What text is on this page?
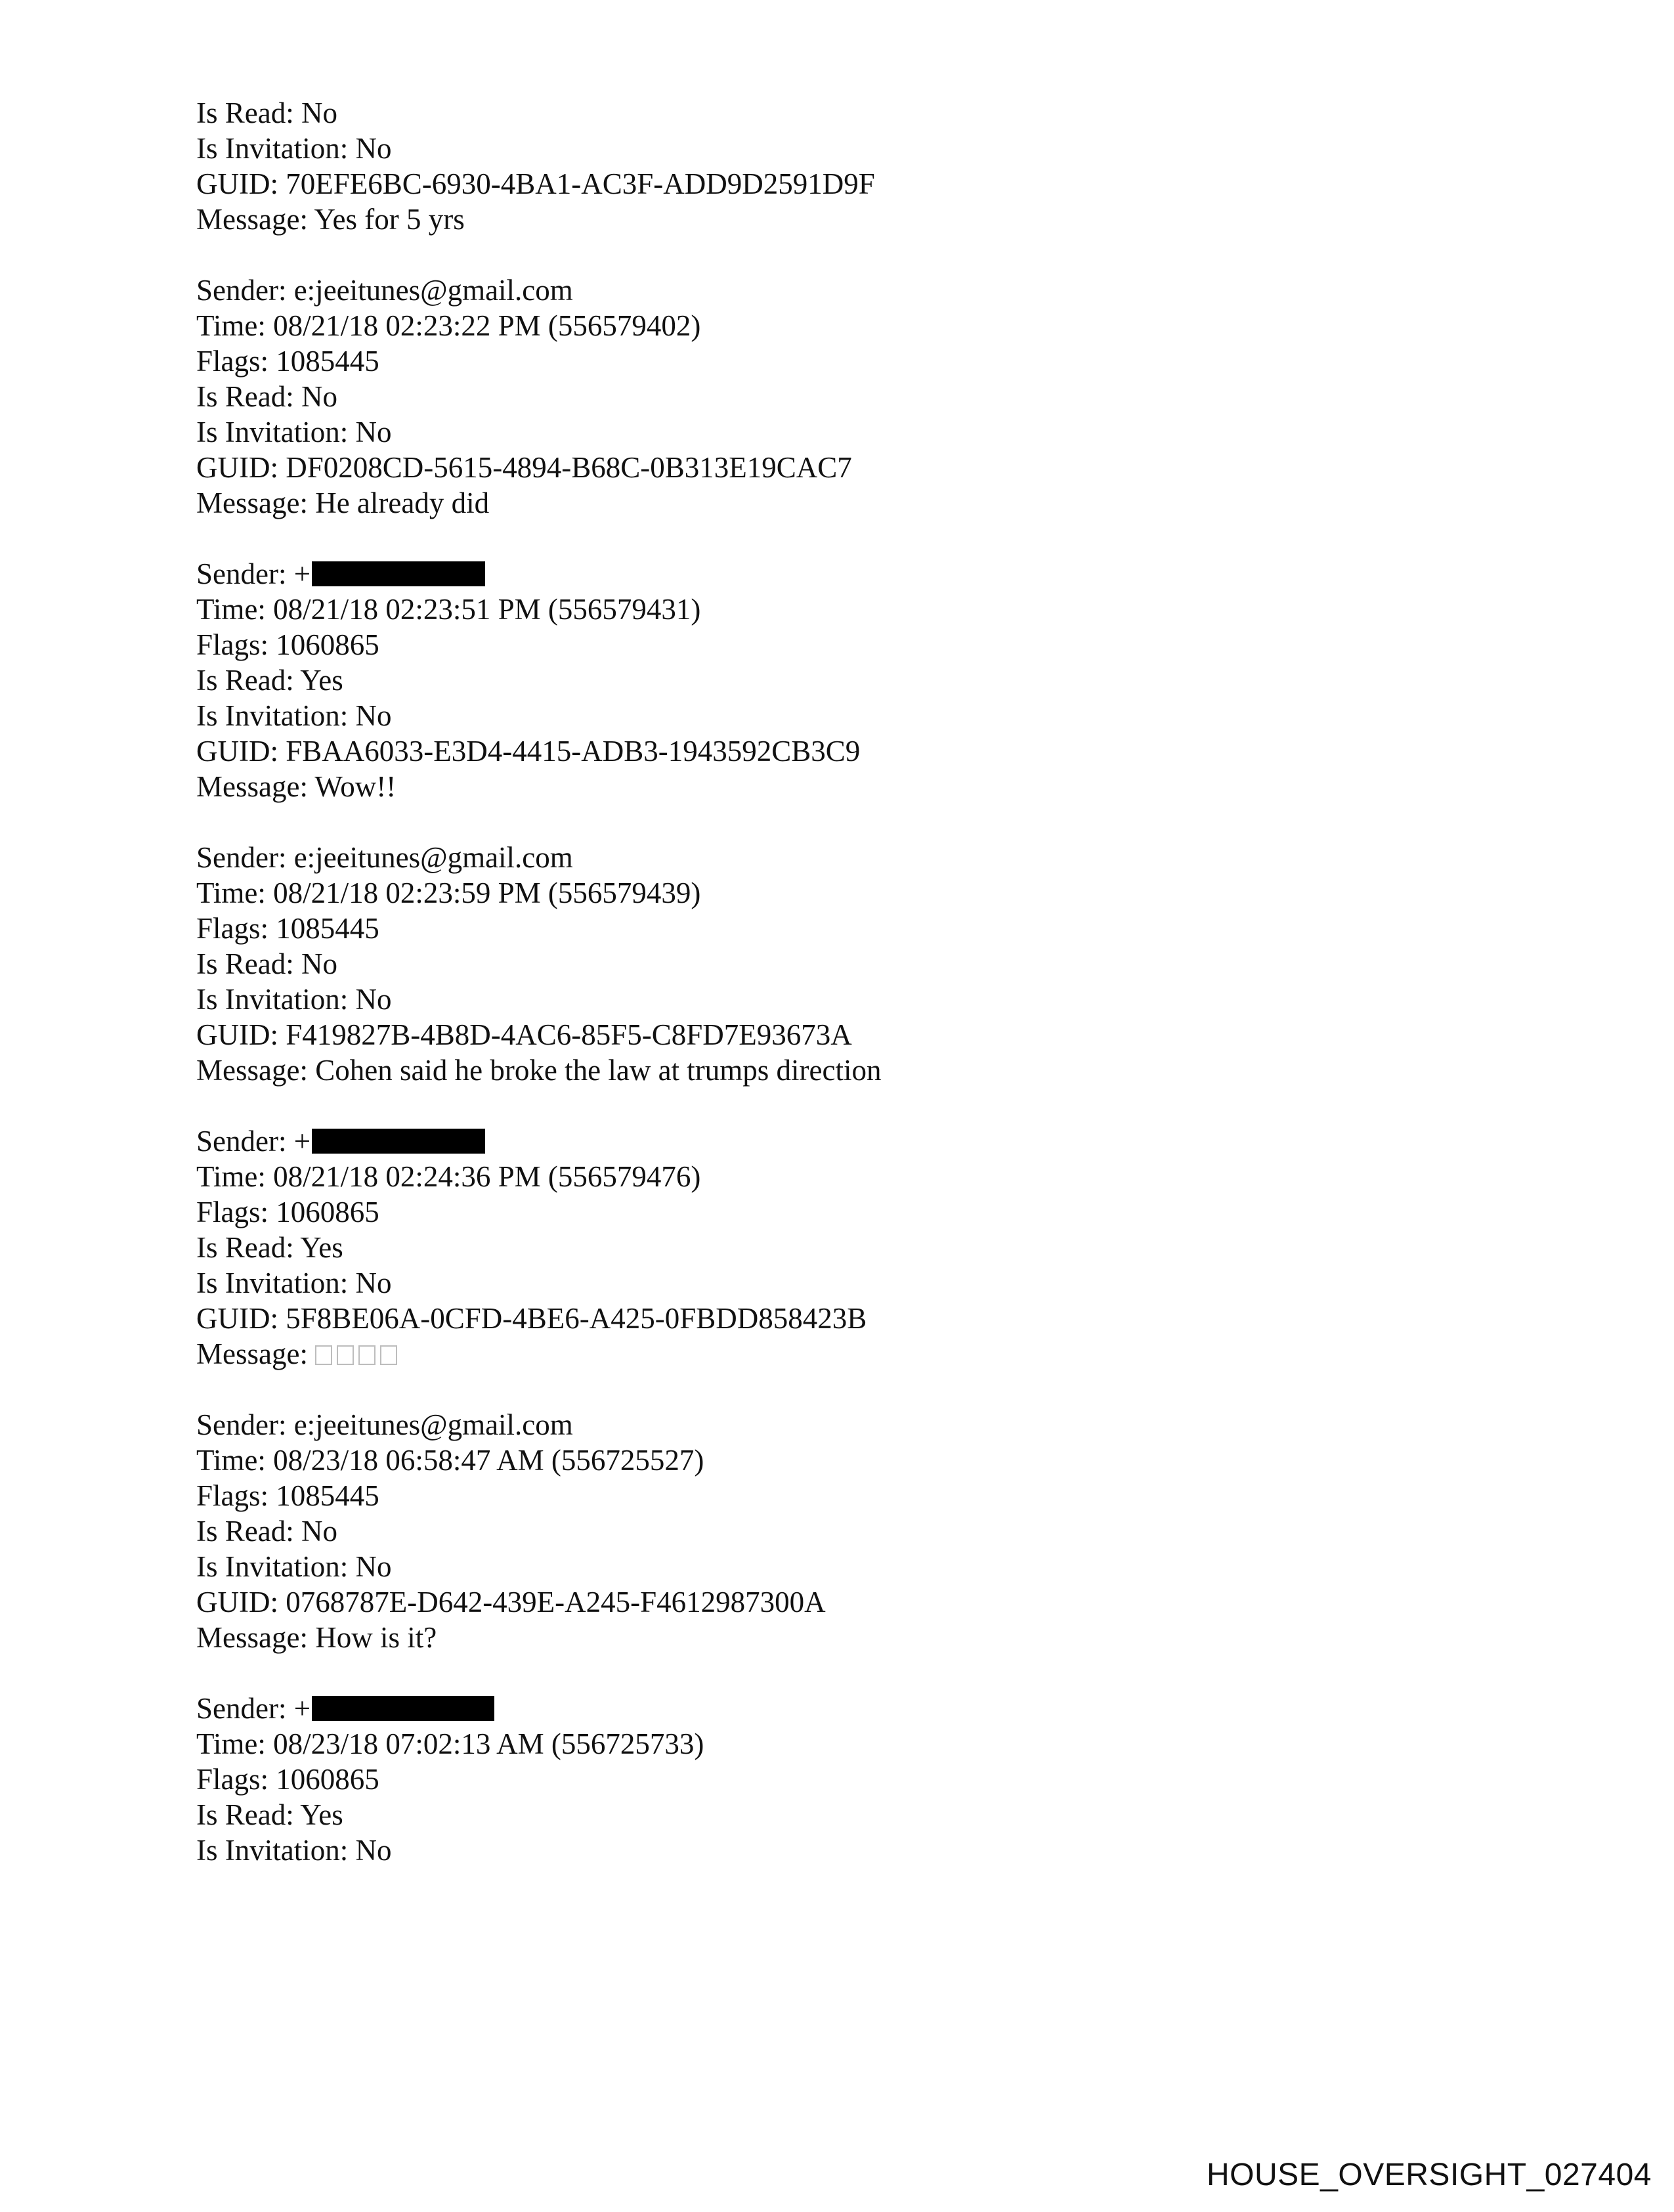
Is Read: No
Is Invitation: No
GUID: 70EFE6BC-6930-4BA1-AC3F-ADD9D2591D9F
Message: Yes for 5 yrs
Sender: e:jeeitunes@gmail.com
Time: 08/21/18 02:23:22 PM (556579402)
Flags: 1085445
Is Read: No
Is Invitation: No
GUID: DF0208CD-5615-4894-B68C-0B313E19CAC7
Message: He already did
Sender: +
Time: 08/21/18 02:23:51 PM (556579431)
Flags: 1060865
Is Read: Yes
Is Invitation: No
GUID: FBAA6033-E3D4-4415-ADB3-1943592CB3C9
Message: Wow!!
Sender: e:jeeitunes@gmail.com
Time: 08/21/18 02:23:59 PM (556579439)
Flags: 1085445
Is Read: No
Is Invitation: No
GUID: F419827B-4B8D-4AC6-85F5-C8FD7E93673A
Message: Cohen said he broke the law at trumps direction
Sender: +
Time: 08/21/18 02:24:36 PM (556579476)
Flags: 1060865
Is Read: Yes
Is Invitation: No
GUID: 5F8BE06A-0CFD-4BE6-A425-0FBDD858423B
Message:
Sender: e:jeeitunes@gmail.com
Time: 08/23/18 06:58:47 AM (556725527)
Flags: 1085445
Is Read: No
Is Invitation: No
GUID: 0768787E-D642-439E-A245-F4612987300A
Message: How is it?
Sender: +
Time: 08/23/18 07:02:13 AM (556725733)
Flags: 1060865
Is Read: Yes
Is Invitation: No
HOUSE_OVERSIGHT_027404
